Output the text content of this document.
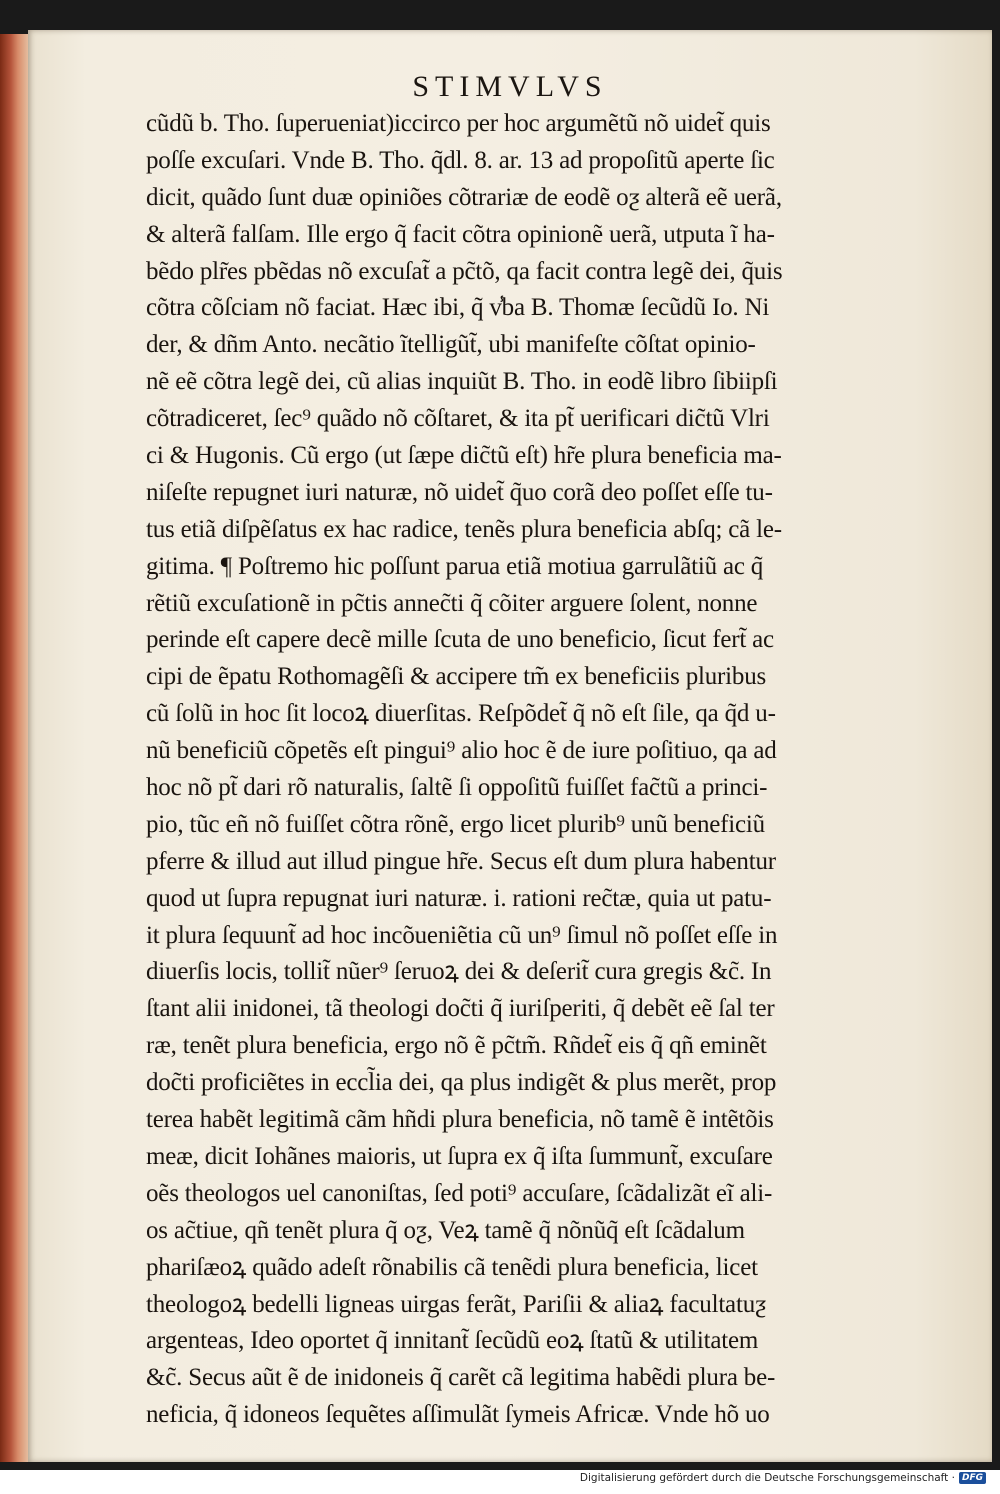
STIMVLVS
cũdũ b. Tho. ſuperueniat)iccirco per hoc argumẽtũ nõ uidet̃ quis
poſſe excuſari. Vnde B. Tho. q̃dl. 8. ar. 13 ad propoſitũ aperte ſic
dicit, quãdo ſunt duæ opiniões cõtrariæ de eodẽ oƺ alterã eẽ uerã,
& alterã falſam. Ille ergo q̃ facit cõtra opinionẽ uerã, utputa ĩ ha-
bẽdo plr̃es pbẽdas nõ excuſat̃ a pc̃tõ, qa facit contra legẽ dei, q̃uis
cõtra cõſciam nõ faciat. Hæc ibi, q̃ v̾ba B. Thomæ ſecũdũ Io. Ni
der, & dñm Anto. necãtio ĩtelligũt̃, ubi manifeſte cõſtat opinio-
nẽ eẽ cõtra legẽ dei, cũ alias inquiũt B. Tho. in eodẽ libro ſibiipſi
cõtradiceret, ſec⁹ quãdo nõ cõſtaret, & ita pt̃ uerificari dic̃tũ Vlri
ci & Hugonis. Cũ ergo (ut ſæpe dic̃tũ eſt) hr̃e plura beneficia ma-
niſeſte repugnet iuri naturæ, nõ uidet̃ q̃uo corã deo poſſet eſſe tu-
tus etiã diſpẽſatus ex hac radice, tenẽs plura beneficia abſq; cã le-
gitima. ¶ Poſtremo hic poſſunt parua etiã motiua garrulãtiũ ac q̃
rẽtiũ excuſationẽ in pc̃tis annec̃ti q̃ cõiter arguere ſolent, nonne
perinde eſt capere decẽ mille ſcuta de uno beneficio, ſicut fert̃ ac
cipi de ẽpatu Rothomagẽſi & accipere tm̃ ex beneficiis pluribus
cũ ſolũ in hoc ſit locoꝝ diuerſitas. Reſpõdet̃ q̃ nõ eſt ſile, qa q̃d u-
nũ beneficiũ cõpetẽs eſt pingui⁹ alio hoc ẽ de iure poſitiuo, qa ad
hoc nõ pt̃ dari rõ naturalis, ſaltẽ ſi oppoſitũ fuiſſet fac̃tũ a princi-
pio, tũc eñ nõ fuiſſet cõtra rõnẽ, ergo licet plurib⁹ unũ beneficiũ
pferre & illud aut illud pingue hr̃e. Secus eſt dum plura habentur
quod ut ſupra repugnat iuri naturæ. i. rationi rec̃tæ, quia ut patu-
it plura ſequunt̃ ad hoc incõueniẽtia cũ un⁹ ſimul nõ poſſet eſſe in
diuerſis locis, tollit̃ nũer⁹ ſeruoꝝ dei & deſerit̃ cura gregis &c̃. In
ſtant alii inidonei, tã theologi doc̃ti q̃ iuriſperiti, q̃ debẽt eẽ ſal ter
ræ, tenẽt plura beneficia, ergo nõ ẽ pc̃tm̃. Rñdet̃ eis q̃ qñ eminẽt
doc̃ti proficiẽtes in eccl̃ia dei, qa plus indigẽt & plus merẽt, prop
terea habẽt legitimã cãm hñdi plura beneficia, nõ tamẽ ẽ intẽtõis
meæ, dicit Iohãnes maioris, ut ſupra ex q̃ iſta ſummunt̃, excuſare
oẽs theologos uel canoniſtas, ſed poti⁹ accuſare, ſcãdalizãt eĩ ali-
os ac̃tiue, qñ tenẽt plura q̃ oƺ, Veꝝ tamẽ q̃ nõnũq̃ eſt ſcãdalum
phariſæoꝝ quãdo adeſt rõnabilis cã tenẽdi plura beneficia, licet
theologoꝝ bedelli ligneas uirgas ferãt, Pariſii & aliaꝝ facultatuƺ
argenteas, Ideo oportet q̃ innitant̃ ſecũdũ eoꝝ ſtatũ & utilitatem
&c̃. Secus aũt ẽ de inidoneis q̃ carẽt cã legitima habẽdi plura be-
neficia, q̃ idoneos ſequẽtes aſſimulãt ſymeis Africæ. Vnde hõ uo
Digitalisierung gefördert durch die Deutsche Forschungsgemeinschaft · DFG
